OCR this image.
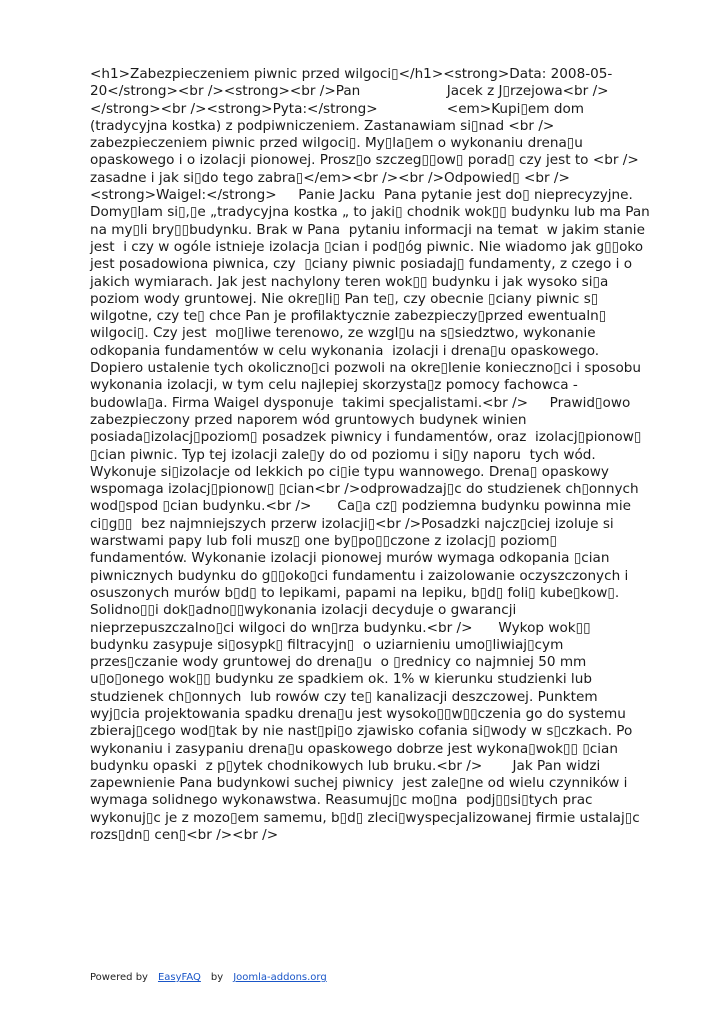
<h1>Zabezpieczeniem piwnic przed wilgoci▯</h1><strong>Data: 2008-05-20</strong><br /><strong><br />Pan                    Jacek z J▯rzejowa<br /></strong><br /><strong>Pyta:</strong>                <em>Kupi▯em dom (tradycyjna kostka) z podpiwniczeniem. Zastanawiam si▯nad <br /> zabezpieczeniem piwnic przed wilgoci▯. My▯la▯em o wykonaniu drena▯u opaskowego i o izolacji pionowej. Prosz▯o szczeg▯▯ow▯ porad▯ czy jest to <br />                   zasadne i jak si▯do tego zabra▯</em><br /><br />Odpowied▯ <br /><strong>Waigel:</strong>     Panie Jacku  Pana pytanie jest do▯ nieprecyzyjne. Domy▯lam si▯,▯e „tradycyjna kostka „ to jaki▯ chodnik wok▯▯ budynku lub ma Pan na my▯li bry▯▯budynku. Brak w Pana  pytaniu informacji na temat  w jakim stanie jest  i czy w ogóle istnieje izolacja ▯cian i pod▯óg piwnic. Nie wiadomo jak g▯▯oko jest posadowiona piwnica, czy  ▯ciany piwnic posiadaj▯ fundamenty, z czego i o jakich wymiarach. Jak jest nachylony teren wok▯▯ budynku i jak wysoko si▯a poziom wody gruntowej. Nie okre▯li▯ Pan te▯, czy obecnie ▯ciany piwnic s▯ wilgotne, czy te▯ chce Pan je profilaktycznie zabezpieczy▯przed ewentualn▯ wilgoci▯. Czy jest  mo▯liwe terenowo, ze wzgl▯u na s▯siedztwo, wykonanie odkopania fundamentów w celu wykonania  izolacji i drena▯u opaskowego.  Dopiero ustalenie tych okoliczno▯ci pozwoli na okre▯lenie konieczno▯ci i sposobu wykonania izolacji, w tym celu najlepiej skorzysta▯z pomocy fachowca - budowla▯a. Firma Waigel dysponuje  takimi specjalistami.<br />     Prawid▯owo zabezpieczony przed naporem wód gruntowych budynek winien posiada▯izolacj▯poziom▯ posadzek piwnicy i fundamentów, oraz  izolacj▯pionow▯ ▯cian piwnic. Typ tej izolacji zale▯y do od poziomu i si▯y naporu  tych wód. Wykonuje si▯izolacje od lekkich po ci▯ie typu wannowego. Drena▯ opaskowy wspomaga izolacj▯pionow▯ ▯cian<br />odprowadzaj▯c do studzienek ch▯onnych wod▯spod ▯cian budynku.<br />      Ca▯a cz▯ podziemna budynku powinna mie ci▯g▯▯  bez najmniejszych przerw izolacji▯<br />Posadzki najcz▯ciej izoluje si warstwami papy lub foli musz▯ one by▯po▯▯czone z izolacj▯ poziom▯ fundamentów. Wykonanie izolacji pionowej murów wymaga odkopania ▯cian piwnicznych budynku do g▯▯oko▯ci fundamentu i zaizolowanie oczyszczonych i osuszonych murów b▯d▯ to lepikami, papami na lepiku, b▯d▯ foli▯ kube▯kow▯. Solidno▯▯i dok▯adno▯▯wykonania izolacji decyduje o gwarancji nieprzepuszczalno▯ci wilgoci do wn▯rza budynku.<br />      Wykop wok▯▯ budynku zasypuje si▯osypk▯ filtracyjn▯  o uziarnieniu umo▯liwiaj▯cym przes▯czanie wody gruntowej do drena▯u  o ▯rednicy co najmniej 50 mm u▯o▯onego wok▯▯ budynku ze spadkiem ok. 1% w kierunku studzienki lub studzienek ch▯onnych  lub rowów czy te▯ kanalizacji deszczowej. Punktem wyj▯cia projektowania spadku drena▯u jest wysoko▯▯w▯▯czenia go do systemu zbieraj▯cego wod▯tak by nie nast▯pi▯o zjawisko cofania si▯wody w s▯czkach. Po wykonaniu i zasypaniu drena▯u opaskowego dobrze jest wykona▯wok▯▯ ▯cian budynku opaski  z p▯ytek chodnikowych lub bruku.<br />       Jak Pan widzi  zapewnienie Pana budynkowi suchej piwnicy  jest zale▯ne od wielu czynników i wymaga solidnego wykonawstwa. Reasumuj▯c mo▯na  podj▯▯si▯tych prac wykonuj▯c je z mozo▯em samemu, b▯d▯ zleci▯wyspecjalizowanej firmie ustalaj▯c rozs▯dn▯ cen▯<br /><br />
Powered by EasyFAQ by Joomla-addons.org
